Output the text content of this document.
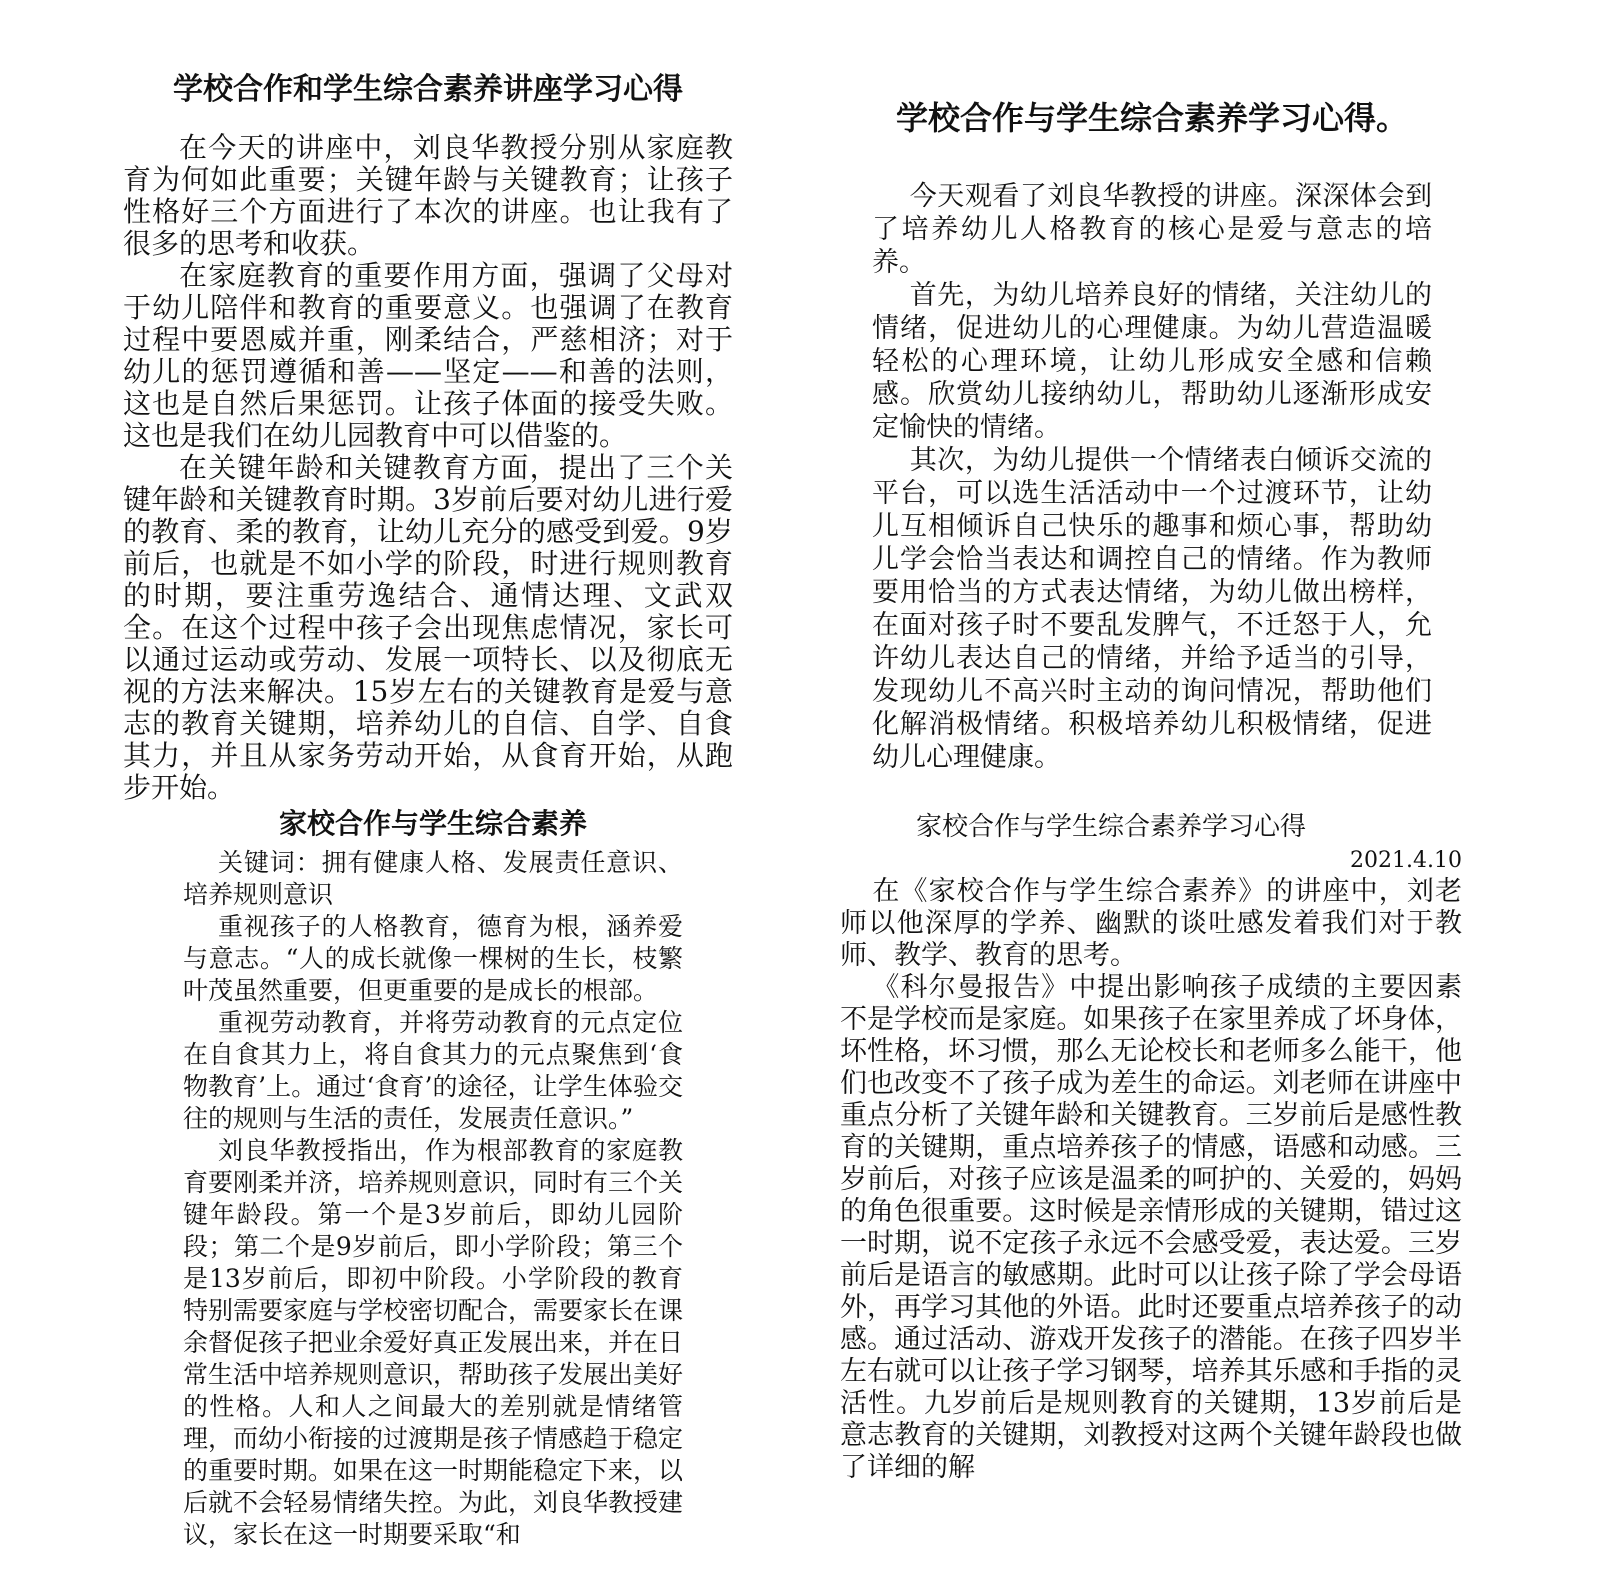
学校合作和学生综合素养讲座学习心得

在今天的讲座中，刘良华教授分别从家庭教育为何如此重要；关键年龄与关键教育；让孩子性格好三个方面进行了本次的讲座。也让我有了很多的思考和收获。

在家庭教育的重要作用方面，强调了父母对于幼儿陪伴和教育的重要意义。也强调了在教育过程中要恩威并重，刚柔结合，严慈相济；对于幼儿的惩罚遵循和善——坚定——和善的法则，这也是自然后果惩罚。让孩子体面的接受失败。这也是我们在幼儿园教育中可以借鉴的。

在关键年龄和关键教育方面，提出了三个关键年龄和关键教育时期。3岁前后要对幼儿进行爱的教育、柔的教育，让幼儿充分的感受到爱。9岁前后，也就是不如小学的阶段，时进行规则教育的时期，要注重劳逸结合、通情达理、文武双全。在这个过程中孩子会出现焦虑情况，家长可以通过运动或劳动、发展一项特长、以及彻底无视的方法来解决。15岁左右的关键教育是爱与意志的教育关键期，培养幼儿的自信、自学、自食其力，并且从家务劳动开始，从食育开始，从跑步开始。

学校合作与学生综合素养学习心得。

今天观看了刘良华教授的讲座。深深体会到了培养幼儿人格教育的核心是爱与意志的培养。

首先，为幼儿培养良好的情绪，关注幼儿的情绪，促进幼儿的心理健康。为幼儿营造温暖轻松的心理环境，让幼儿形成安全感和信赖感。欣赏幼儿接纳幼儿，帮助幼儿逐渐形成安定愉快的情绪。

其次，为幼儿提供一个情绪表白倾诉交流的平台，可以选生活活动中一个过渡环节，让幼儿互相倾诉自己快乐的趣事和烦心事，帮助幼儿学会恰当表达和调控自己的情绪。作为教师要用恰当的方式表达情绪，为幼儿做出榜样，在面对孩子时不要乱发脾气，不迁怒于人，允许幼儿表达自己的情绪，并给予适当的引导，发现幼儿不高兴时主动的询问情况，帮助他们化解消极情绪。积极培养幼儿积极情绪，促进幼儿心理健康。

家校合作与学生综合素养

关键词：拥有健康人格、发展责任意识、培养规则意识

重视孩子的人格教育，德育为根，涵养爱与意志。“人的成长就像一棵树的生长，枝繁叶茂虽然重要，但更重要的是成长的根部。

重视劳动教育，并将劳动教育的元点定位在自食其力上，将自食其力的元点聚焦到‘食物教育’上。通过‘食育’的途径，让学生体验交往的规则与生活的责任，发展责任意识。”

刘良华教授指出，作为根部教育的家庭教育要刚柔并济，培养规则意识，同时有三个关键年龄段。第一个是3岁前后，即幼儿园阶段；第二个是9岁前后，即小学阶段；第三个是13岁前后，即初中阶段。小学阶段的教育特别需要家庭与学校密切配合，需要家长在课余督促孩子把业余爱好真正发展出来，并在日常生活中培养规则意识，帮助孩子发展出美好的性格。人和人之间最大的差别就是情绪管理，而幼小衔接的过渡期是孩子情感趋于稳定的重要时期。如果在这一时期能稳定下来，以后就不会轻易情绪失控。为此，刘良华教授建议，家长在这一时期要采取“和

家校合作与学生综合素养学习心得
2021.4.10

在《家校合作与学生综合素养》的讲座中，刘老师以他深厚的学养、幽默的谈吐感发着我们对于教师、教学、教育的思考。

《科尔曼报告》中提出影响孩子成绩的主要因素不是学校而是家庭。如果孩子在家里养成了坏身体，坏性格，坏习惯，那么无论校长和老师多么能干，他们也改变不了孩子成为差生的命运。刘老师在讲座中重点分析了关键年龄和关键教育。三岁前后是感性教育的关键期，重点培养孩子的情感，语感和动感。三岁前后，对孩子应该是温柔的呵护的、关爱的，妈妈的角色很重要。这时候是亲情形成的关键期，错过这一时期，说不定孩子永远不会感受爱，表达爱。三岁前后是语言的敏感期。此时可以让孩子除了学会母语外，再学习其他的外语。此时还要重点培养孩子的动感。通过活动、游戏开发孩子的潜能。在孩子四岁半左右就可以让孩子学习钢琴，培养其乐感和手指的灵活性。九岁前后是规则教育的关键期，13岁前后是意志教育的关键期，刘教授对这两个关键年龄段也做了详细的解
